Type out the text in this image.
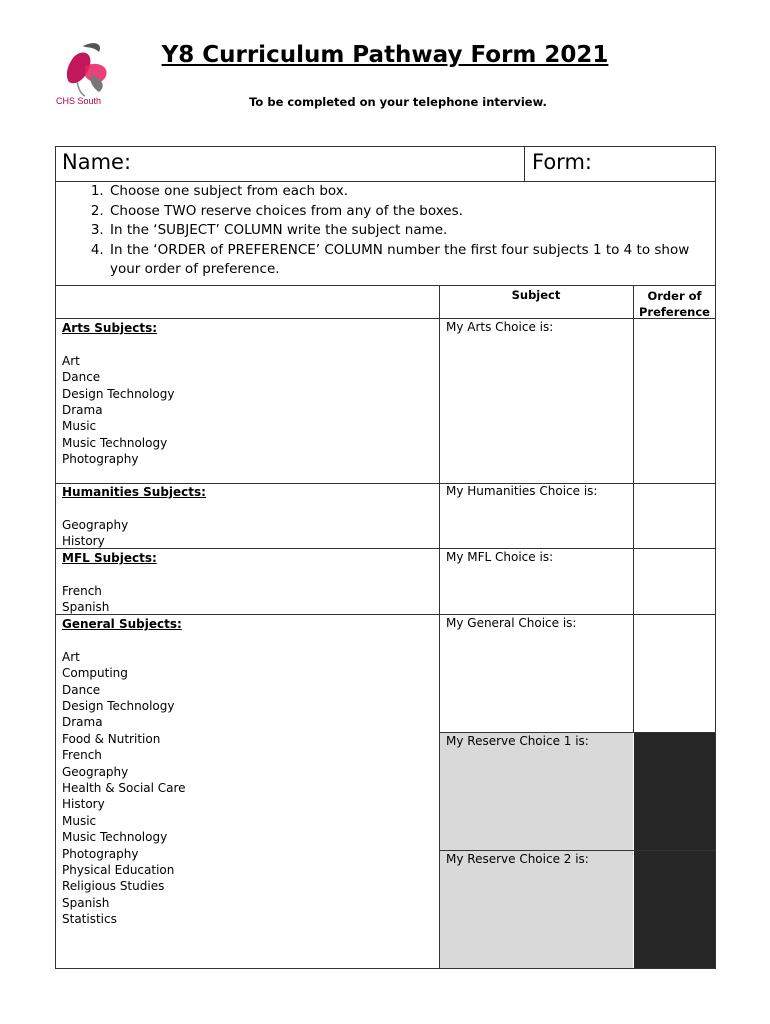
CHS South
Y8 Curriculum Pathway Form 2021
To be completed on your telephone interview.
Name:	Form:
1. Choose one subject from each box.
2. Choose TWO reserve choices from any of the boxes.
3. In the ‘SUBJECT’ COLUMN write the subject name.
4. In the ‘ORDER of PREFERENCE’ COLUMN number the first four subjects 1 to 4 to show your order of preference.
Subject	Order of
Preference
Arts Subjects:
Art
Dance
Design Technology
Drama
Music
Music Technology
Photography
My Arts Choice is:
Humanities Subjects:
Geography
History
My Humanities Choice is:
MFL Subjects:
French
Spanish
My MFL Choice is:
General Subjects:
Art
Computing
Dance
Design Technology
Drama
Food & Nutrition
French
Geography
Health & Social Care
History
Music
Music Technology
Photography
Physical Education
Religious Studies
Spanish
Statistics
My General Choice is:
My Reserve Choice 1 is:
My Reserve Choice 2 is:
